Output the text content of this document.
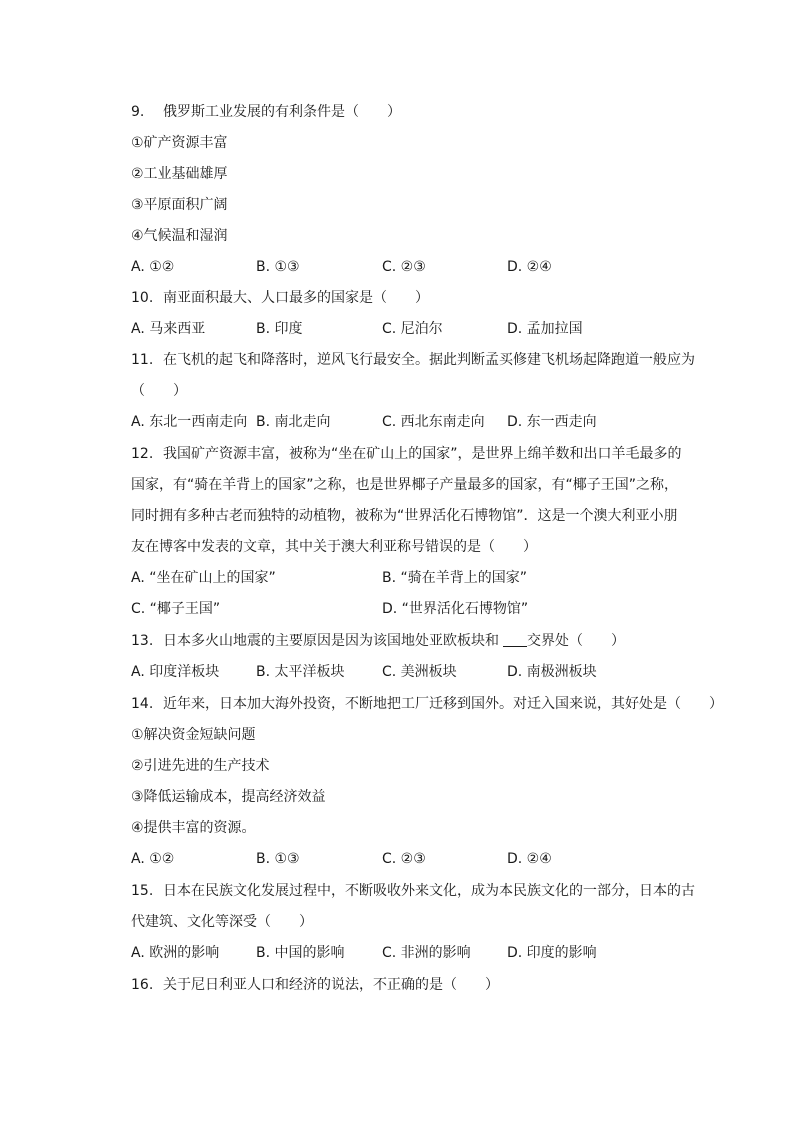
9. 俄罗斯工业发展的有利条件是（　　）
①矿产资源丰富
②工业基础雄厚
③平原面积广阔
④气候温和湿润
A. ①②	B. ①③	C. ②③	D. ②④
10. 南亚面积最大、人口最多的国家是（　　）
A. 马来西亚	B. 印度	C. 尼泊尔	D. 孟加拉国
11. 在飞机的起飞和降落时，逆风飞行最安全。据此判断孟买修建飞机场起降跑道一般应为
（　　）
A. 东北一西南走向 B. 南北走向	C. 西北东南走向 D. 东一西走向
12. 我国矿产资源丰富，被称为“坐在矿山上的国家”，是世界上绵羊数和出口羊毛最多的
国家，有“骑在羊背上的国家”之称，也是世界椰子产量最多的国家，有“椰子王国”之称，
同时拥有多种古老而独特的动植物，被称为“世界活化石博物馆”．这是一个澳大利亚小朋
友在博客中发表的文章，其中关于澳大利亚称号错误的是（　　）
A. “坐在矿山上的国家”	B. “骑在羊背上的国家”
C. “椰子王国”	D. “世界活化石博物馆”
13. 日本多火山地震的主要原因是因为该国地处亚欧板块和 交界处（　　）
A. 印度洋板块	B. 太平洋板块	C. 美洲板块	D. 南极洲板块
14. 近年来，日本加大海外投资，不断地把工厂迁移到国外。对迁入国来说，其好处是（　　）
①解决资金短缺问题
②引进先进的生产技术
③降低运输成本，提高经济效益
④提供丰富的资源。
A. ①②	B. ①③	C. ②③	D. ②④
15. 日本在民族文化发展过程中，不断吸收外来文化，成为本民族文化的一部分，日本的古
代建筑、文化等深受（　　）
A. 欧洲的影响	B. 中国的影响	C. 非洲的影响	D. 印度的影响
16. 关于尼日利亚人口和经济的说法，不正确的是（　　）
